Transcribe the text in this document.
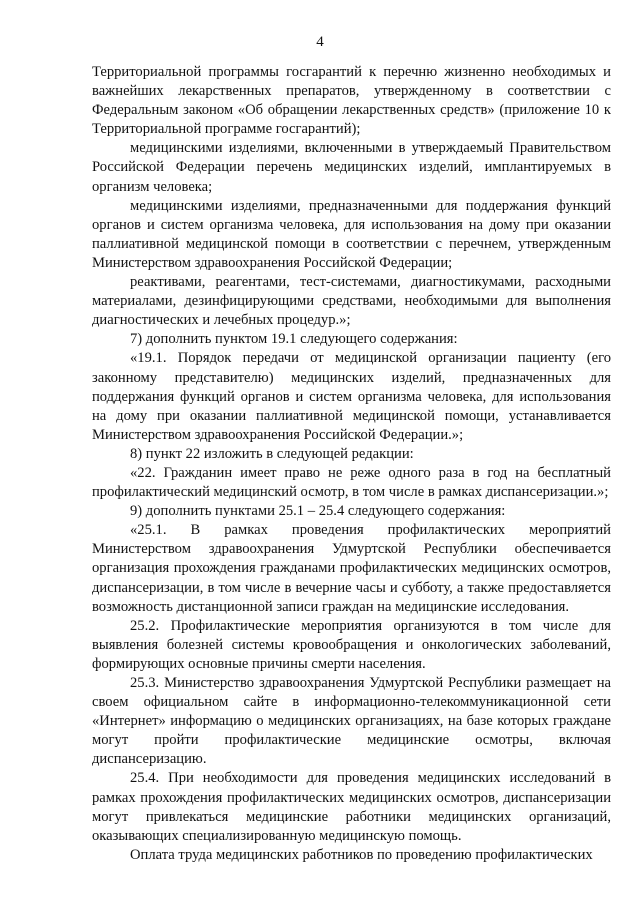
4

Территориальной программы госгарантий к перечню жизненно необходимых и важнейших лекарственных препаратов, утвержденному в соответствии с Федеральным законом «Об обращении лекарственных средств» (приложение 10 к Территориальной программе госгарантий);

медицинскими изделиями, включенными в утверждаемый Правительством Российской Федерации перечень медицинских изделий, имплантируемых в организм человека;

медицинскими изделиями, предназначенными для поддержания функций органов и систем организма человека, для использования на дому при оказании паллиативной медицинской помощи в соответствии с перечнем, утвержденным Министерством здравоохранения Российской Федерации;

реактивами, реагентами, тест-системами, диагностикумами, расходными материалами, дезинфицирующими средствами, необходимыми для выполнения диагностических и лечебных процедур.»;

7) дополнить пунктом 19.1 следующего содержания:

«19.1. Порядок передачи от медицинской организации пациенту (его законному представителю) медицинских изделий, предназначенных для поддержания функций органов и систем организма человека, для использования на дому при оказании паллиативной медицинской помощи, устанавливается Министерством здравоохранения Российской Федерации.»;

8) пункт 22 изложить в следующей редакции:

«22. Гражданин имеет право не реже одного раза в год на бесплатный профилактический медицинский осмотр, в том числе в рамках диспансеризации.»;

9) дополнить пунктами 25.1 – 25.4 следующего содержания:

«25.1. В рамках проведения профилактических мероприятий Министерством здравоохранения Удмуртской Республики обеспечивается организация прохождения гражданами профилактических медицинских осмотров, диспансеризации, в том числе в вечерние часы и субботу, а также предоставляется возможность дистанционной записи граждан на медицинские исследования.

25.2. Профилактические мероприятия организуются в том числе для выявления болезней системы кровообращения и онкологических заболеваний, формирующих основные причины смерти населения.

25.3. Министерство здравоохранения Удмуртской Республики размещает на своем официальном сайте в информационно-телекоммуникационной сети «Интернет» информацию о медицинских организациях, на базе которых граждане могут пройти профилактические медицинские осмотры, включая диспансеризацию.

25.4. При необходимости для проведения медицинских исследований в рамках прохождения профилактических медицинских осмотров, диспансеризации могут привлекаться медицинские работники медицинских организаций, оказывающих специализированную медицинскую помощь.

Оплата труда медицинских работников по проведению профилактических
